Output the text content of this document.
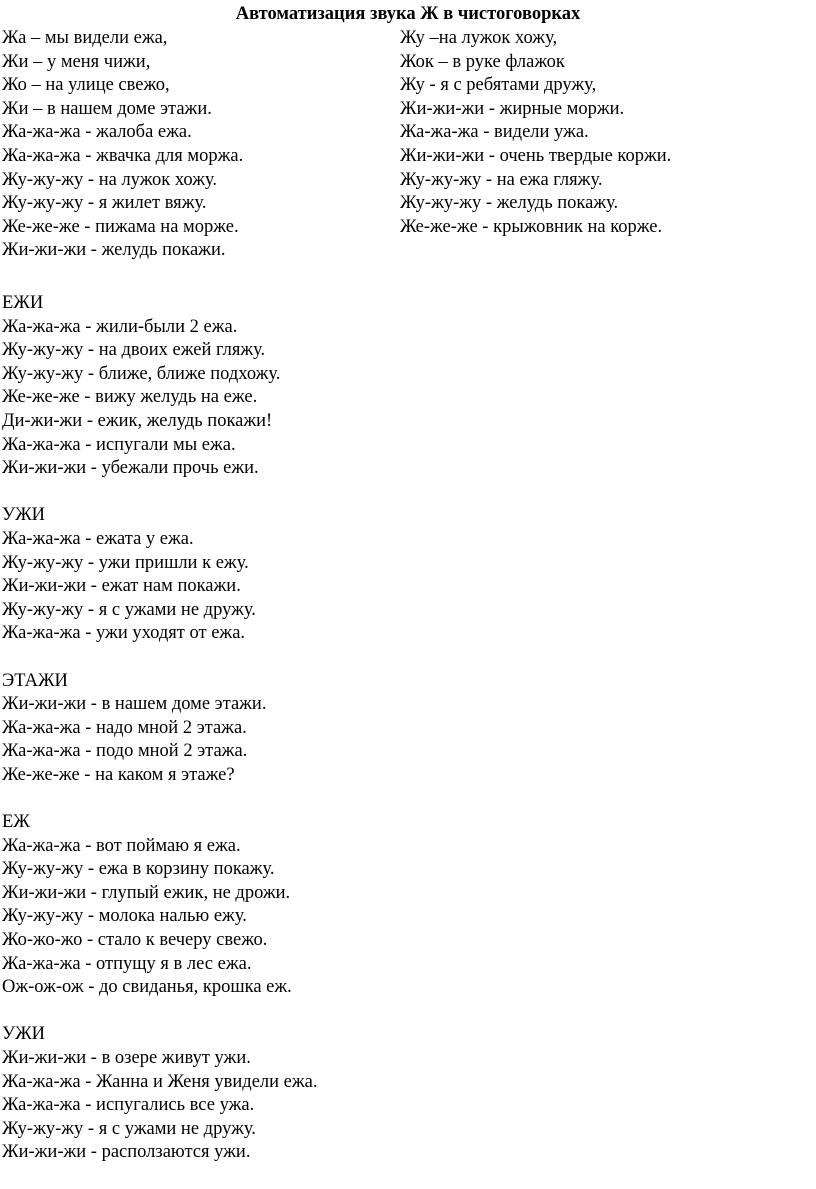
Автоматизация звука Ж в чистоговорках
Жа – мы видели ежа,
Жи – у меня чижи,
Жо – на улице свежо,
Жи – в нашем доме этажи.
Жа-жа-жа - жалоба ежа.
Жа-жа-жа - жвачка для моржа.
Жу-жу-жу - на лужок хожу.
Жу-жу-жу - я жилет вяжу.
Же-же-же - пижама на морже.
Жи-жи-жи - желудь покажи.
Жу –на лужок хожу,
Жок – в руке флажок
Жу - я с ребятами дружу,
Жи-жи-жи - жирные моржи.
Жа-жа-жа - видели ужа.
Жи-жи-жи - очень твердые коржи.
Жу-жу-жу - на ежа гляжу.
Жу-жу-жу - желудь покажу.
Же-же-же - крыжовник на корже.
ЕЖИ
Жа-жа-жа - жили-были 2 ежа.
Жу-жу-жу - на двоих ежей гляжу.
Жу-жу-жу - ближе, ближе подхожу.
Же-же-же - вижу желудь на еже.
Ди-жи-жи - ежик, желудь покажи!
Жа-жа-жа - испугали мы ежа.
Жи-жи-жи - убежали прочь ежи.
УЖИ
Жа-жа-жа - ежата у ежа.
Жу-жу-жу - ужи пришли к ежу.
Жи-жи-жи - ежат нам покажи.
Жу-жу-жу - я с ужами не дружу.
Жа-жа-жа - ужи уходят от ежа.
ЭТАЖИ
Жи-жи-жи - в нашем доме этажи.
Жа-жа-жа - надо мной 2 этажа.
Жа-жа-жа - подо мной 2 этажа.
Же-же-же - на каком я этаже?
ЕЖ
Жа-жа-жа - вот поймаю я ежа.
Жу-жу-жу - ежа в корзину покажу.
Жи-жи-жи - глупый ежик, не дрожи.
Жу-жу-жу - молока налью ежу.
Жо-жо-жо - стало к вечеру свежо.
Жа-жа-жа - отпущу я в лес ежа.
Ож-ож-ож - до свиданья, крошка еж.
УЖИ
Жи-жи-жи - в озере живут ужи.
Жа-жа-жа - Жанна и Женя увидели ежа.
Жа-жа-жа - испугались все ужа.
Жу-жу-жу - я с ужами не дружу.
Жи-жи-жи - расползаются ужи.
